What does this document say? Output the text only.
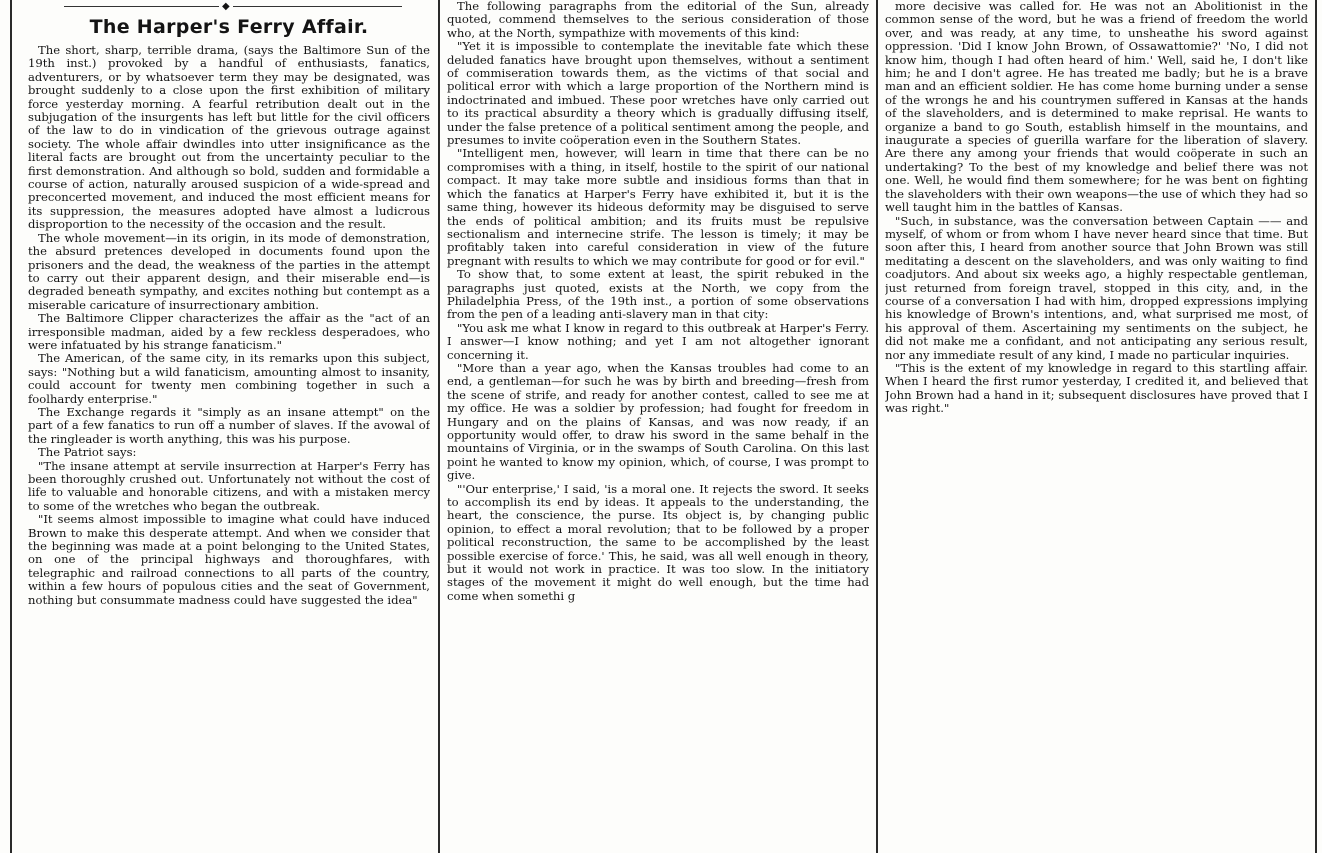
◆
The Harper's Ferry Affair.

The short, sharp, terrible drama, (says the Baltimore Sun of the 19th inst.) provoked by a handful of enthusiasts, fanatics, adventurers, or by whatsoever term they may be designated, was brought suddenly to a close upon the first exhibition of military force yesterday morning. A fearful retribution dealt out in the subjugation of the insurgents has left but little for the civil officers of the law to do in vindication of the grievous outrage against society. The whole affair dwindles into utter insignificance as the literal facts are brought out from the uncertainty peculiar to the first demonstration. And although so bold, sudden and formidable a course of action, naturally aroused suspicion of a wide-spread and preconcerted movement, and induced the most efficient means for its suppression, the measures adopted have almost a ludicrous disproportion to the necessity of the occasion and the result.

The whole movement—in its origin, in its mode of demonstration, the absurd pretences developed in documents found upon the prisoners and the dead, the weakness of the parties in the attempt to carry out their apparent design, and their miserable end—is degraded beneath sympathy, and excites nothing but contempt as a miserable caricature of insurrectionary ambition.

The Baltimore Clipper characterizes the affair as the "act of an irresponsible madman, aided by a few reckless desperadoes, who were infatuated by his strange fanaticism."

The American, of the same city, in its remarks upon this subject, says: "Nothing but a wild fanaticism, amounting almost to insanity, could account for twenty men combining together in such a foolhardy enterprise."

The Exchange regards it "simply as an insane attempt" on the part of a few fanatics to run off a number of slaves. If the avowal of the ringleader is worth anything, this was his purpose.

The Patriot says:

"The insane attempt at servile insurrection at Harper's Ferry has been thoroughly crushed out. Unfortunately not without the cost of life to valuable and honorable citizens, and with a mistaken mercy to some of the wretches who began the outbreak.

"It seems almost impossible to imagine what could have induced Brown to make this desperate attempt. And when we consider that the beginning was made at a point belonging to the United States, on one of the principal highways and thoroughfares, with telegraphic and railroad connections to all parts of the country, within a few hours of populous cities and the seat of Government, nothing but consummate madness could have suggested the idea"

The following paragraphs from the editorial of the Sun, already quoted, commend themselves to the serious consideration of those who, at the North, sympathize with movements of this kind:

"Yet it is impossible to contemplate the inevitable fate which these deluded fanatics have brought upon themselves, without a sentiment of commiseration towards them, as the victims of that social and political error with which a large proportion of the Northern mind is indoctrinated and imbued. These poor wretches have only carried out to its practical absurdity a theory which is gradually diffusing itself, under the false pretence of a political sentiment among the people, and presumes to invite coöperation even in the Southern States.

"Intelligent men, however, will learn in time that there can be no compromises with a thing, in itself, hostile to the spirit of our national compact. It may take more subtle and insidious forms than that in which the fanatics at Harper's Ferry have exhibited it, but it is the same thing, however its hideous deformity may be disguised to serve the ends of political ambition; and its fruits must be repulsive sectionalism and internecine strife. The lesson is timely; it may be profitably taken into careful consideration in view of the future pregnant with results to which we may contribute for good or for evil."

To show that, to some extent at least, the spirit rebuked in the paragraphs just quoted, exists at the North, we copy from the Philadelphia Press, of the 19th inst., a portion of some observations from the pen of a leading anti-slavery man in that city:

"You ask me what I know in regard to this outbreak at Harper's Ferry. I answer—I know nothing; and yet I am not altogether ignorant concerning it.

"More than a year ago, when the Kansas troubles had come to an end, a gentleman—for such he was by birth and breeding—fresh from the scene of strife, and ready for another contest, called to see me at my office. He was a soldier by profession; had fought for freedom in Hungary and on the plains of Kansas, and was now ready, if an opportunity would offer, to draw his sword in the same behalf in the mountains of Virginia, or in the swamps of South Carolina. On this last point he wanted to know my opinion, which, of course, I was prompt to give.

"'Our enterprise,' I said, 'is a moral one. It rejects the sword. It seeks to accomplish its end by ideas. It appeals to the understanding, the heart, the conscience, the purse. Its object is, by changing public opinion, to effect a moral revolution; that to be followed by a proper political reconstruction, the same to be accomplished by the least possible exercise of force.' This, he said, was all well enough in theory, but it would not work in practice. It was too slow. In the initiatory stages of the movement it might do well enough, but the time had come when somethi g

more decisive was called for. He was not an Abolitionist in the common sense of the word, but he was a friend of freedom the world over, and was ready, at any time, to unsheathe his sword against oppression. 'Did I know John Brown, of Ossawattomie?' 'No, I did not know him, though I had often heard of him.' Well, said he, I don't like him; he and I don't agree. He has treated me badly; but he is a brave man and an efficient soldier. He has come home burning under a sense of the wrongs he and his countrymen suffered in Kansas at the hands of the slaveholders, and is determined to make reprisal. He wants to organize a band to go South, establish himself in the mountains, and inaugurate a species of guerilla warfare for the liberation of slavery. Are there any among your friends that would coöperate in such an undertaking? To the best of my knowledge and belief there was not one. Well, he would find them somewhere; for he was bent on fighting the slaveholders with their own weapons—the use of which they had so well taught him in the battles of Kansas.

"Such, in substance, was the conversation between Captain —— and myself, of whom or from whom I have never heard since that time. But soon after this, I heard from another source that John Brown was still meditating a descent on the slaveholders, and was only waiting to find coadjutors. And about six weeks ago, a highly respectable gentleman, just returned from foreign travel, stopped in this city, and, in the course of a conversation I had with him, dropped expressions implying his knowledge of Brown's intentions, and, what surprised me most, of his approval of them. Ascertaining my sentiments on the subject, he did not make me a confidant, and not anticipating any serious result, nor any immediate result of any kind, I made no particular inquiries.

"This is the extent of my knowledge in regard to this startling affair. When I heard the first rumor yesterday, I credited it, and believed that John Brown had a hand in it; subsequent disclosures have proved that I was right."
